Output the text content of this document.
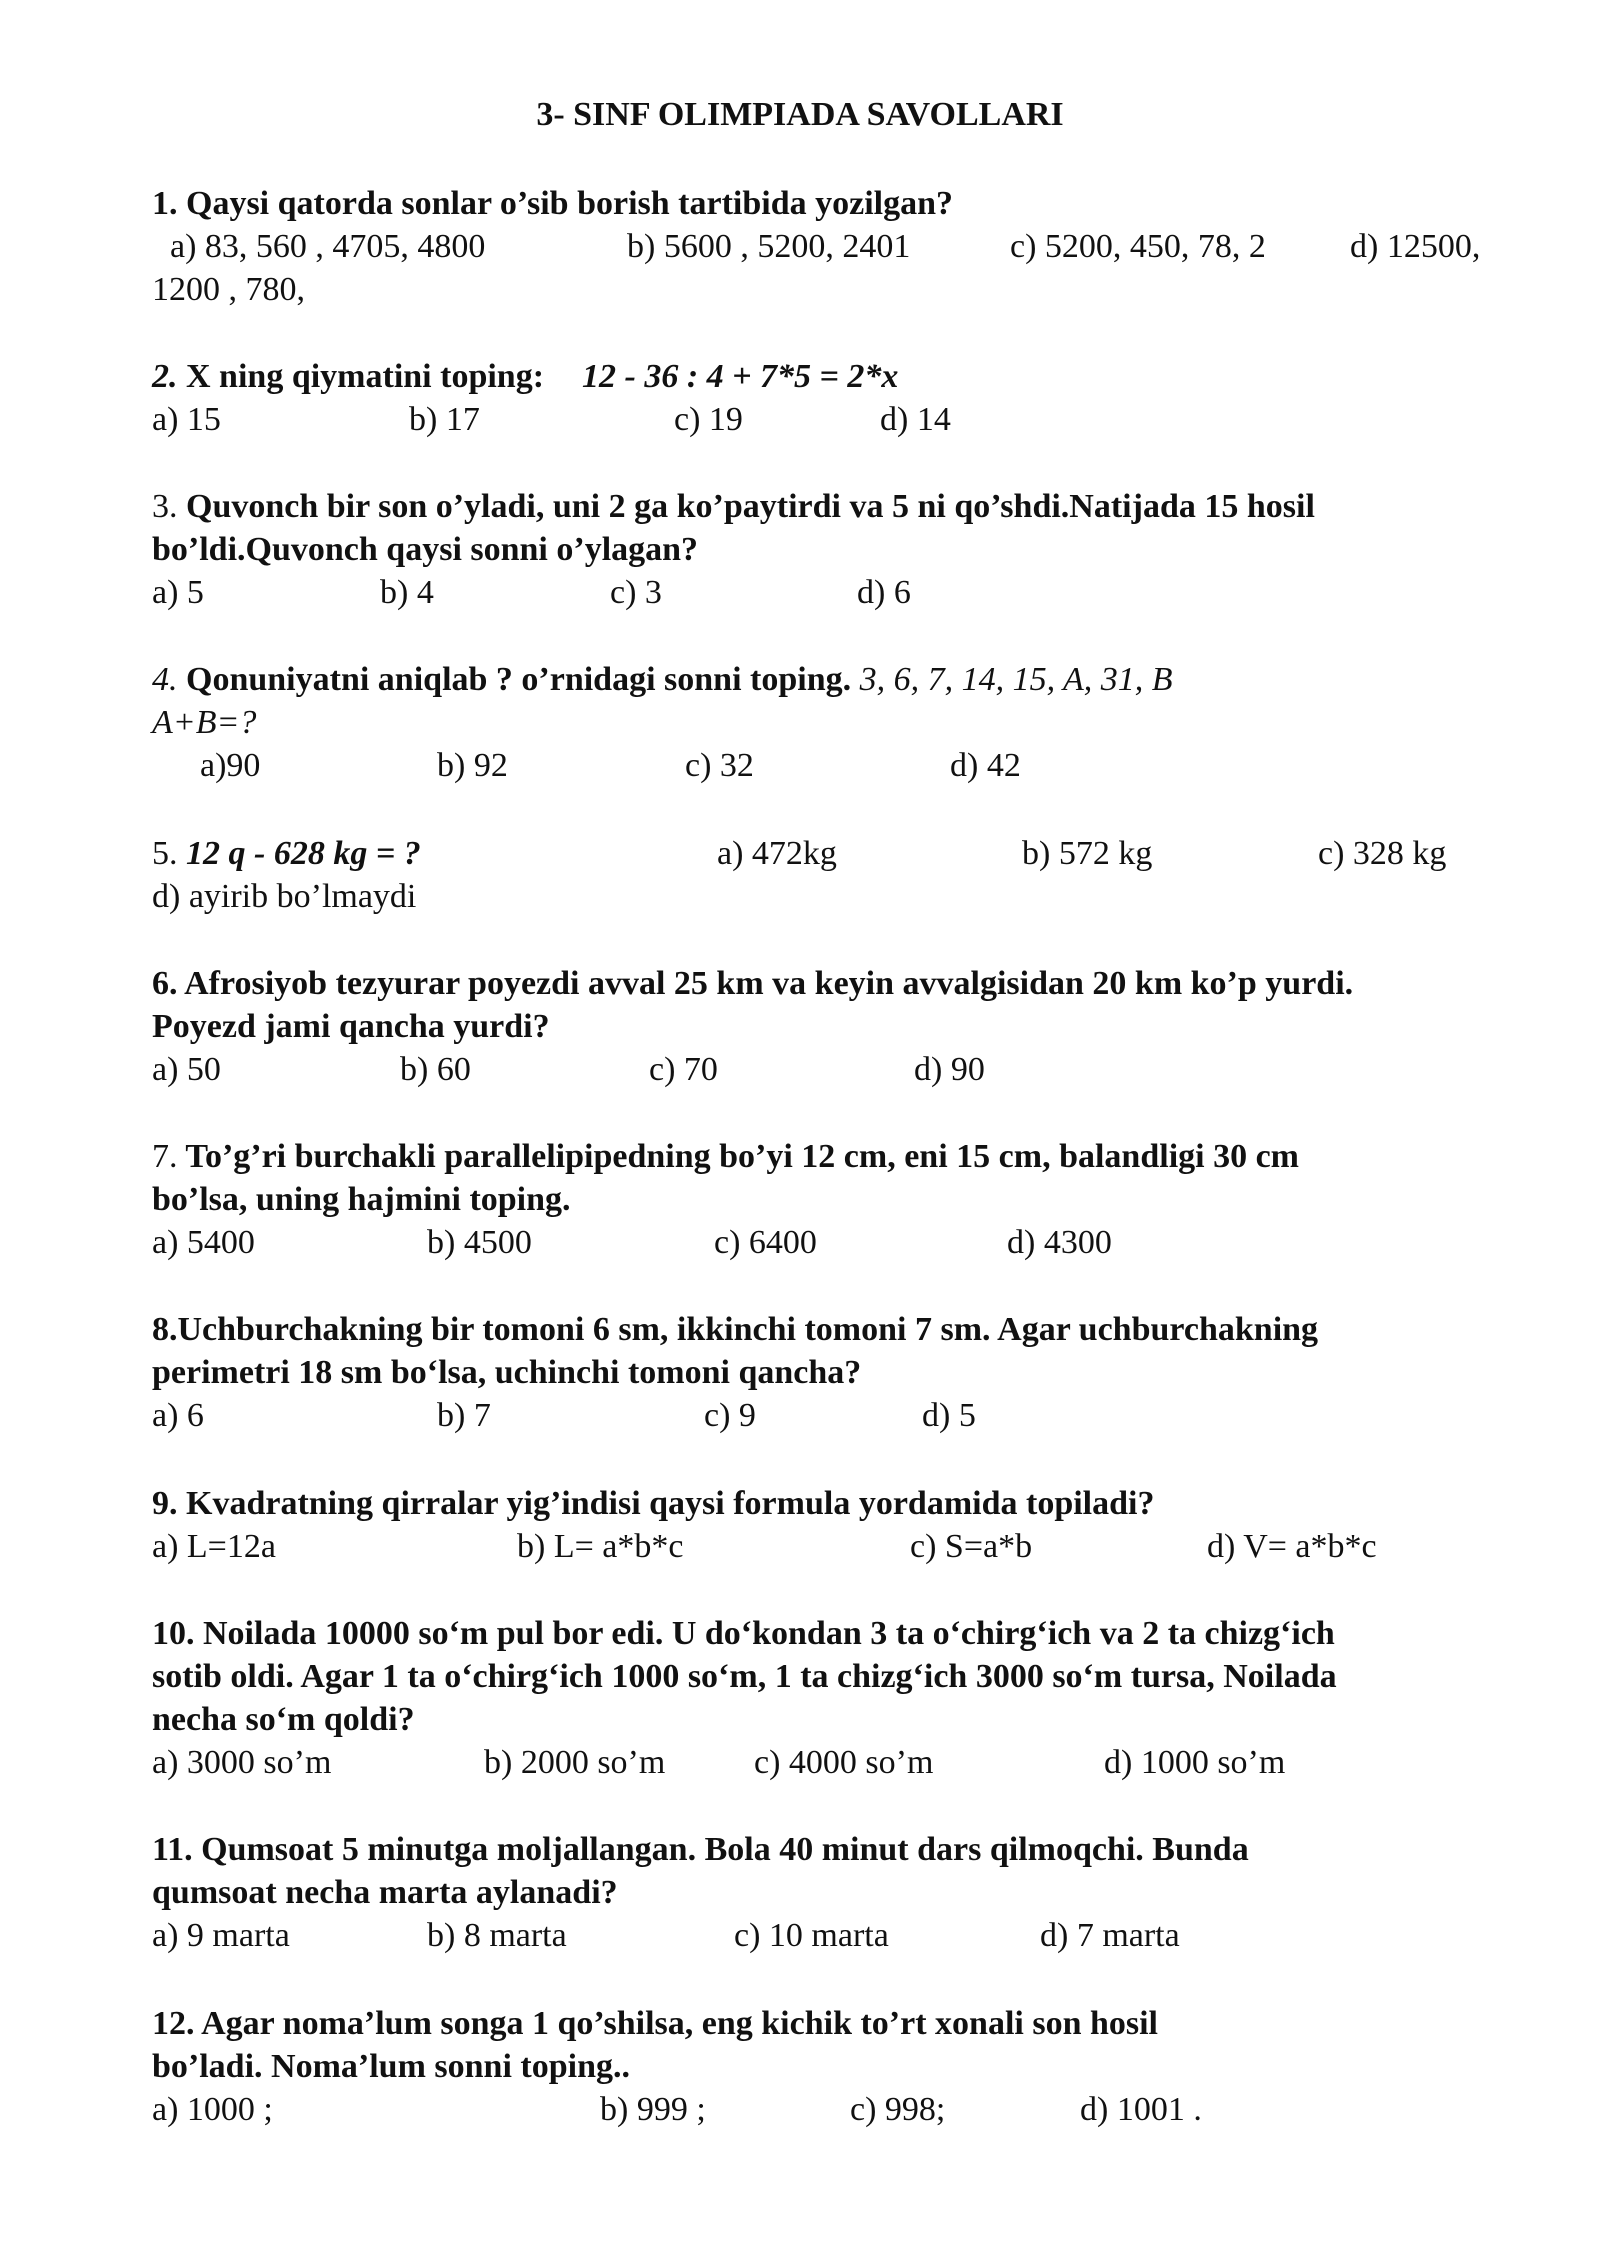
3- SINF OLIMPIADA SAVOLLARI
1. Qaysi qatorda sonlar o’sib borish tartibida yozilgan?
a) 83, 560 , 4705, 4800	b) 5600 , 5200, 2401	c) 5200, 450, 78, 2 d) 12500,
1200 , 780,
2. X ning qiymatini toping: 12 - 36 : 4 + 7*5 = 2*x
a) 15	b) 17	c) 19	d) 14
3. Quvonch bir son o’yladi, uni 2 ga ko’paytirdi va 5 ni qo’shdi.Natijada 15 hosil
bo’ldi.Quvonch qaysi sonni o’ylagan?
a) 5	b) 4	c) 3	d) 6
4. Qonuniyatni aniqlab ? o’rnidagi sonni toping. 3, 6, 7, 14, 15, A, 31, B
A+B=?
a)90	b) 92	c) 32	d) 42
5. 12 q - 628 kg = ?	a) 472kg	b) 572 kg	c) 328 kg
d) ayirib bo’lmaydi
6. Afrosiyob tezyurar poyezdi avval 25 km va keyin avvalgisidan 20 km ko’p yurdi.
Poyezd jami qancha yurdi?
a) 50	b) 60	c) 70	d) 90
7. To’g’ri burchakli parallelipipedning bo’yi 12 cm, eni 15 cm, balandligi 30 cm
bo’lsa, uning hajmini toping.
a) 5400	b) 4500	c) 6400	d) 4300
8.Uchburchakning bir tomoni 6 sm, ikkinchi tomoni 7 sm. Agar uchburchakning
perimetri 18 sm bo‘lsa, uchinchi tomoni qancha?
a) 6	b) 7	c) 9	d) 5
9. Kvadratning qirralar yig’indisi qaysi formula yordamida topiladi?
a) L=12a	b) L= a*b*c	c) S=a*b	d) V= a*b*c
10. Noilada 10000 so‘m pul bor edi. U do‘kondan 3 ta o‘chirg‘ich va 2 ta chizg‘ich
sotib oldi. Agar 1 ta o‘chirg‘ich 1000 so‘m, 1 ta chizg‘ich 3000 so‘m tursa, Noilada
necha so‘m qoldi?
a) 3000 so’m	b) 2000 so’m	c) 4000 so’m	d) 1000 so’m
11. Qumsoat 5 minutga moljallangan. Bola 40 minut dars qilmoqchi. Bunda
qumsoat necha marta aylanadi?
a) 9 marta	b) 8 marta	c) 10 marta	d) 7 marta
12. Agar noma’lum songa 1 qo’shilsa, eng kichik to’rt xonali son hosil
bo’ladi. Noma’lum sonni toping..
a) 1000 ;	b) 999 ;	c) 998;	d) 1001 .
